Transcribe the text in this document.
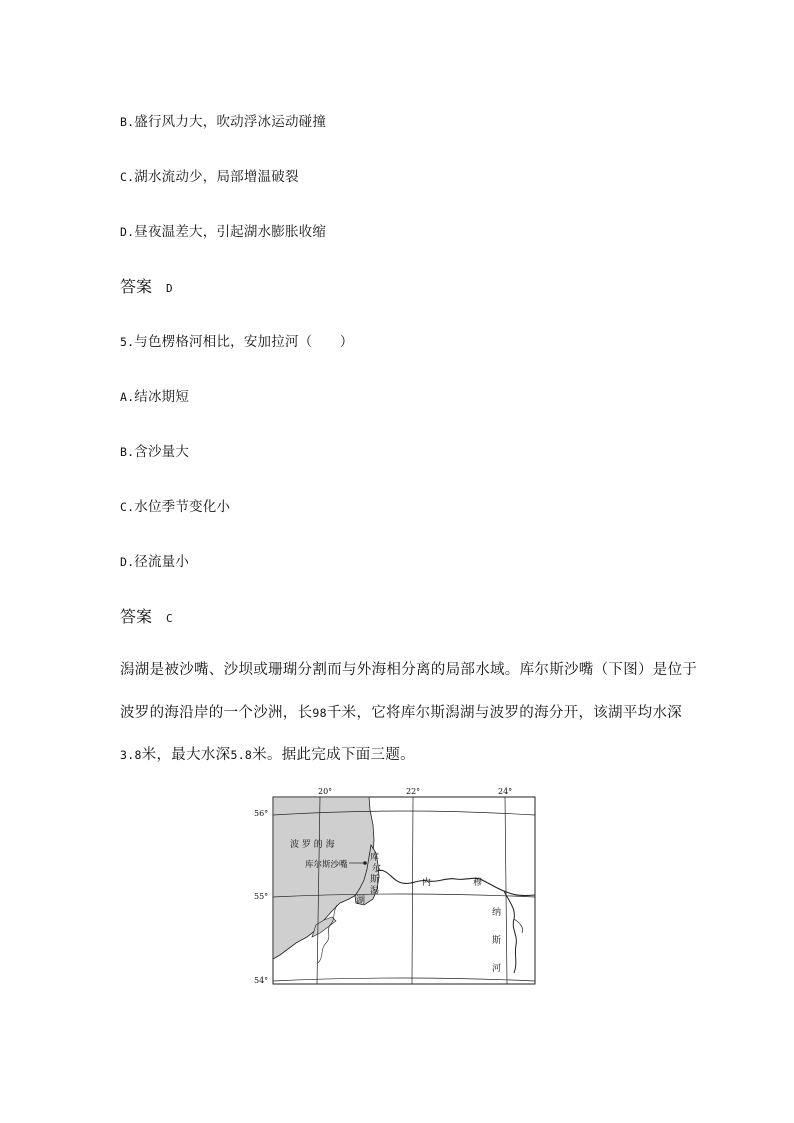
B.盛行风力大，吹动浮冰运动碰撞
C.湖水流动少，局部增温破裂
D.昼夜温差大，引起湖水膨胀收缩
答案 D
5.与色楞格河相比，安加拉河（　　）
A.结冰期短
B.含沙量大
C.水位季节变化小
D.径流量小
答案 C
潟湖是被沙嘴、沙坝或珊瑚分割而与外海相分离的局部水域。库尔斯沙嘴（下图）是位于
波罗的海沿岸的一个沙洲，长98千米，它将库尔斯潟湖与波罗的海分开，该湖平均水深
3.8米，最大水深5.8米。据此完成下面三题。
20°	22°	24°
56°
55°
54°
波 罗 的 海
库尔斯沙嘴
库
尔
斯
潟
湖
内	穆
纳
斯
河
